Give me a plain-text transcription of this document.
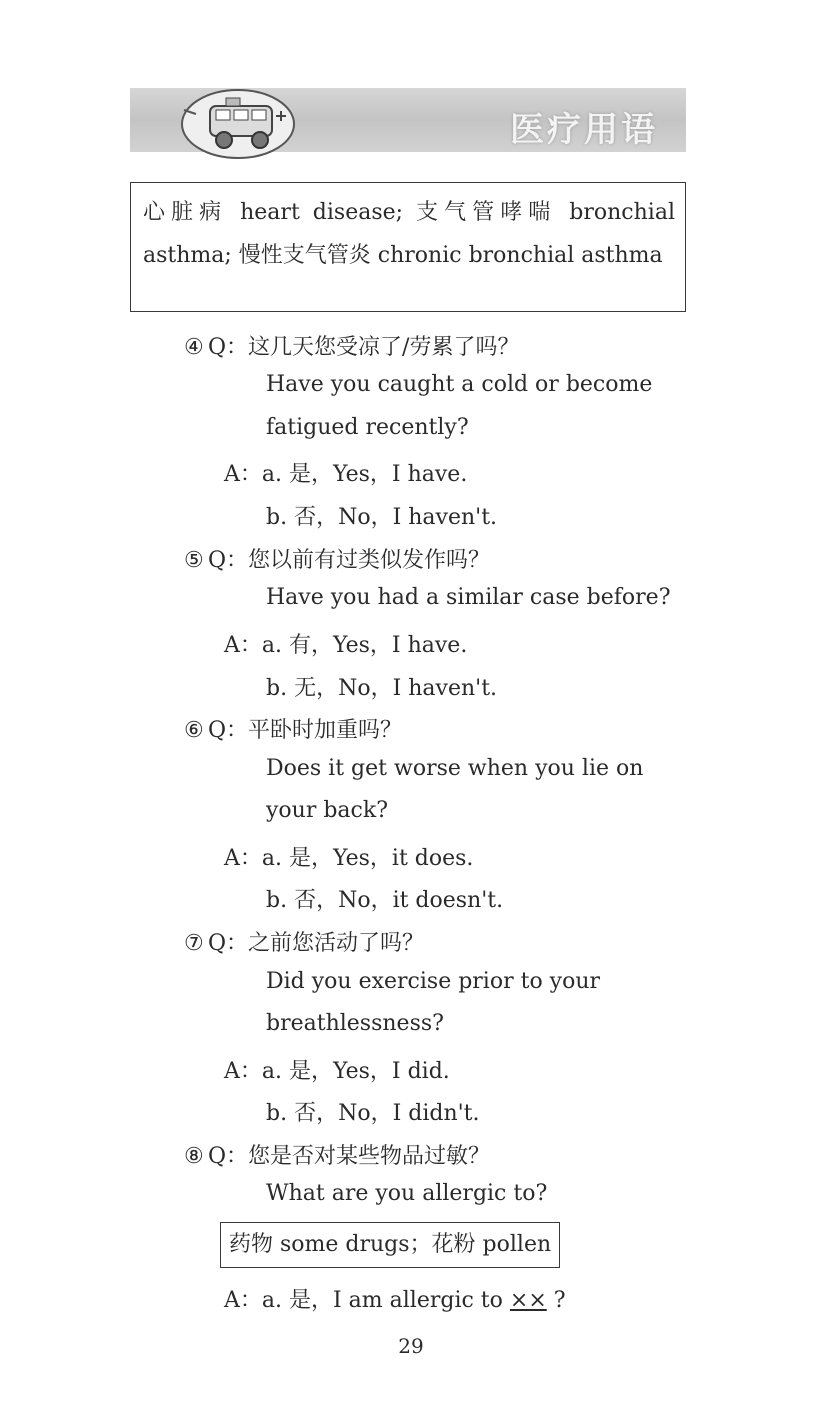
医疗用语
心脏病 heart disease; 支气管哮喘 bronchial asthma; 慢性支气管炎 chronic bronchial asthma
④ Q：这几天您受凉了/劳累了吗？
Have you caught a cold or become
fatigued recently?
A：a. 是，Yes，I have.
b. 否，No，I haven't.
⑤ Q：您以前有过类似发作吗？
Have you had a similar case before?
A：a. 有，Yes，I have.
b. 无，No，I haven't.
⑥ Q：平卧时加重吗？
Does it get worse when you lie on
your back?
A：a. 是，Yes，it does.
b. 否，No，it doesn't.
⑦ Q：之前您活动了吗？
Did you exercise prior to your
breathlessness?
A：a. 是，Yes，I did.
b. 否，No，I didn't.
⑧ Q：您是否对某些物品过敏？
What are you allergic to?
药物 some drugs；花粉 pollen
A：a. 是，I am allergic to ×× ?
29
